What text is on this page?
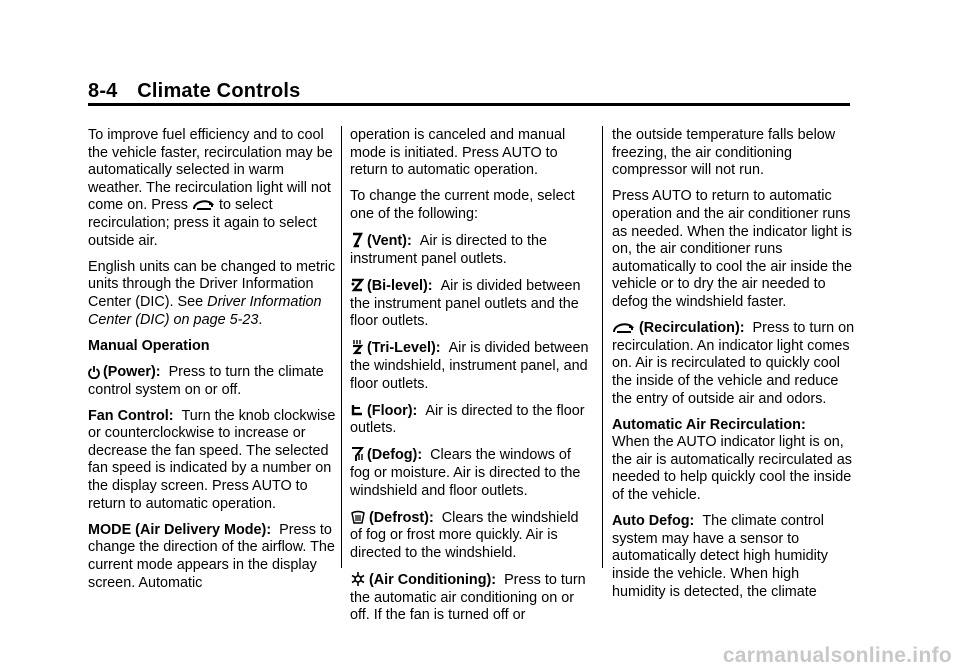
8-4 Climate Controls

To improve fuel efficiency and to cool the vehicle faster, recirculation may be automatically selected in warm weather. The recirculation light will not come on. Press to select recirculation; press it again to select outside air.

English units can be changed to metric units through the Driver Information Center (DIC). See Driver Information Center (DIC) on page 5-23.

Manual Operation

(Power): Press to turn the climate control system on or off.

Fan Control: Turn the knob clockwise or counterclockwise to increase or decrease the fan speed. The selected fan speed is indicated by a number on the display screen. Press AUTO to return to automatic operation.

MODE (Air Delivery Mode): Press to change the direction of the airflow. The current mode appears in the display screen. Automatic

operation is canceled and manual mode is initiated. Press AUTO to return to automatic operation.

To change the current mode, select one of the following:

(Vent): Air is directed to the instrument panel outlets.

(Bi-level): Air is divided between the instrument panel outlets and the floor outlets.

(Tri-Level): Air is divided between the windshield, instrument panel, and floor outlets.

(Floor): Air is directed to the floor outlets.

(Defog): Clears the windows of fog or moisture. Air is directed to the windshield and floor outlets.

(Defrost): Clears the windshield of fog or frost more quickly. Air is directed to the windshield.

(Air Conditioning): Press to turn the automatic air conditioning on or off. If the fan is turned off or

the outside temperature falls below freezing, the air conditioning compressor will not run.

Press AUTO to return to automatic operation and the air conditioner runs as needed. When the indicator light is on, the air conditioner runs automatically to cool the air inside the vehicle or to dry the air needed to defog the windshield faster.

(Recirculation): Press to turn on recirculation. An indicator light comes on. Air is recirculated to quickly cool the inside of the vehicle and reduce the entry of outside air and odors.

Automatic Air Recirculation:
When the AUTO indicator light is on, the air is automatically recirculated as needed to help quickly cool the inside of the vehicle.

Auto Defog: The climate control system may have a sensor to automatically detect high humidity inside the vehicle. When high humidity is detected, the climate

carmanualsonline.info
